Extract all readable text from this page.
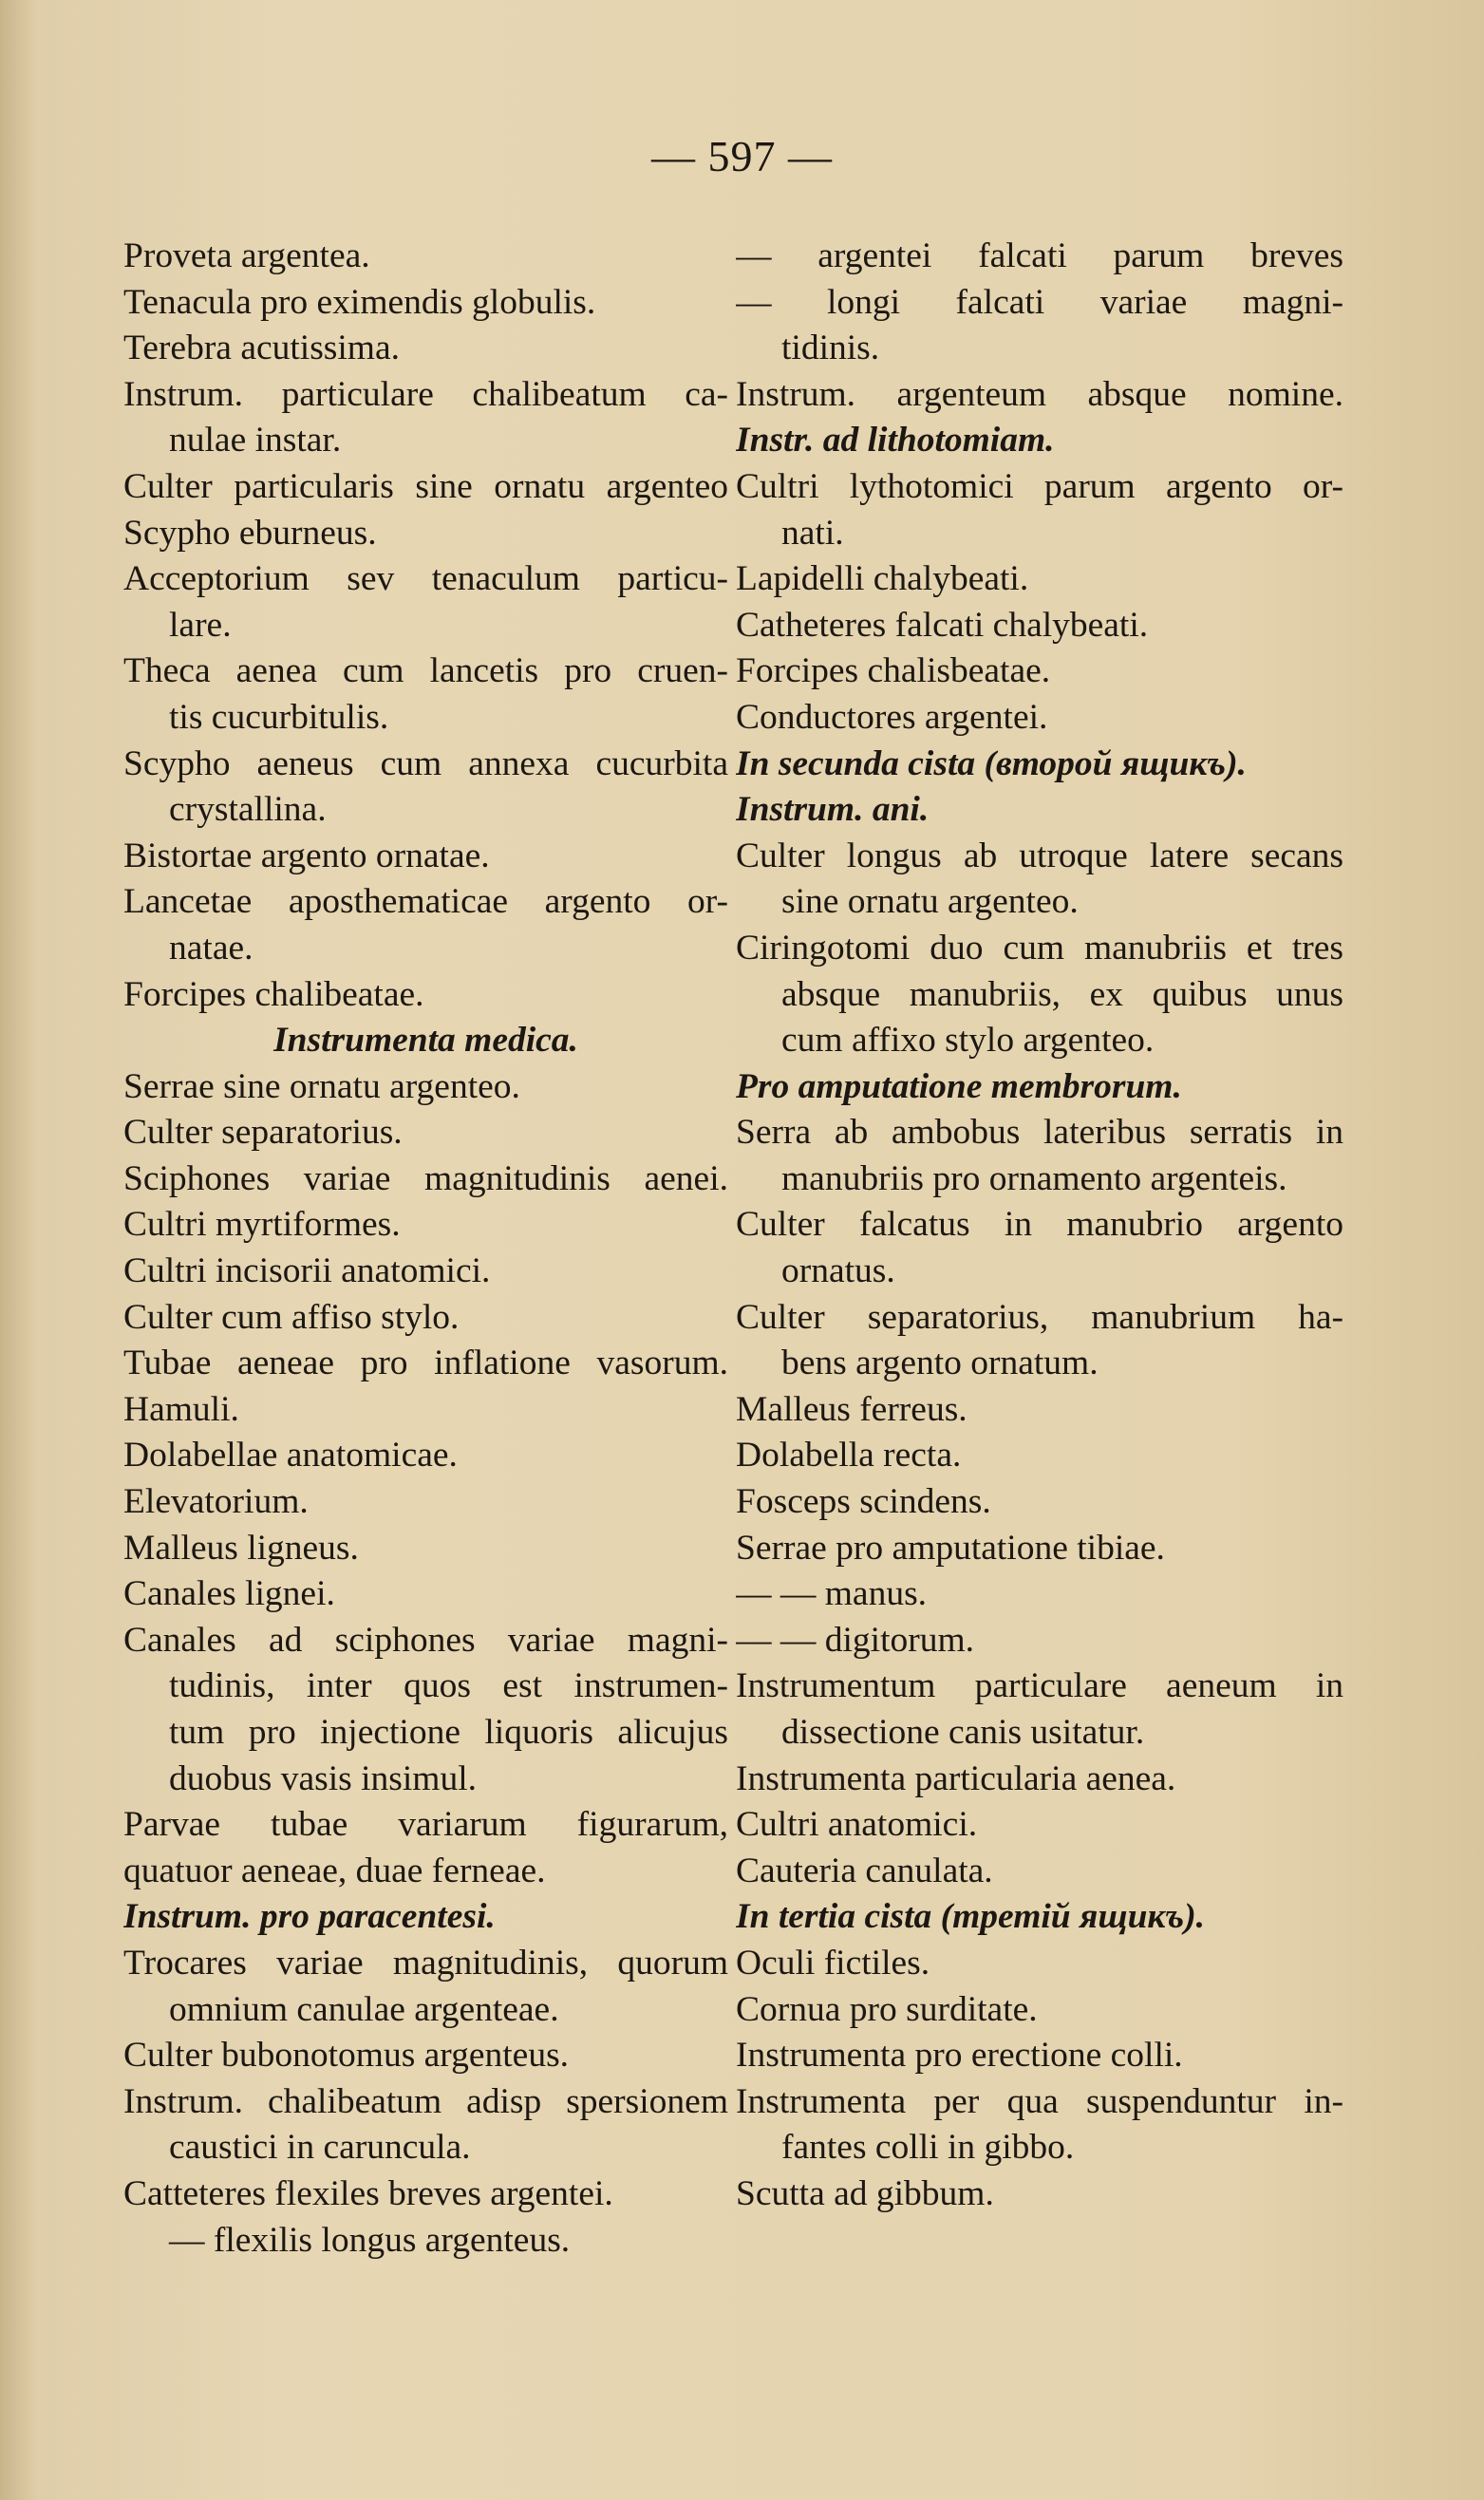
— 597 —
Proveta argentea.
Tenacula pro eximendis globulis.
Terebra acutissima.
Instrum. particulare chalibeatum ca-
nulae instar.
Culter particularis sine ornatu argenteo
Scypho eburneus.
Acceptorium sev tenaculum particu-
lare.
Theca aenea cum lancetis pro cruen-
tis cucurbitulis.
Scypho aeneus cum annexa cucurbita
crystallina.
Bistortae argento ornatae.
Lancetae aposthematicae argento or-
natae.
Forcipes chalibeatae.
Instrumenta medica.
Serrae sine ornatu argenteo.
Culter separatorius.
Sciphones variae magnitudinis aenei.
Cultri myrtiformes.
Cultri incisorii anatomici.
Culter cum affiso stylo.
Tubae aeneae pro inflatione vasorum.
Hamuli.
Dolabellae anatomicae.
Elevatorium.
Malleus ligneus.
Canales lignei.
Canales ad sciphones variae magni-
tudinis, inter quos est instrumen-
tum pro injectione liquoris alicujus
duobus vasis insimul.
Parvae tubae variarum figurarum,
quatuor aeneae, duae ferneae.
Instrum. pro paracentesi.
Trocares variae magnitudinis, quorum
omnium canulae argenteae.
Culter bubonotomus argenteus.
Instrum. chalibeatum adisp spersionem
caustici in caruncula.
Catteteres flexiles breves argentei.
— flexilis longus argenteus.
— argentei falcati parum breves
— longi falcati variae magni-
tidinis.
Instrum. argenteum absque nomine.
Instr. ad lithotomiam.
Cultri lythotomici parum argento or-
nati.
Lapidelli chalybeati.
Catheteres falcati chalybeati.
Forcipes chalisbeatae.
Conductores argentei.
In secunda cista (второй ящикъ).
Instrum. ani.
Culter longus ab utroque latere secans
sine ornatu argenteo.
Ciringotomi duo cum manubriis et tres
absque manubriis, ex quibus unus
cum affixo stylo argenteo.
Pro amputatione membrorum.
Serra ab ambobus lateribus serratis in
manubriis pro ornamento argenteis.
Culter falcatus in manubrio argento
ornatus.
Culter separatorius, manubrium ha-
bens argento ornatum.
Malleus ferreus.
Dolabella recta.
Fosceps scindens.
Serrae pro amputatione tibiae.
— — manus.
— — digitorum.
Instrumentum particulare aeneum in
dissectione canis usitatur.
Instrumenta particularia aenea.
Cultri anatomici.
Cauteria canulata.
In tertia cista (третій ящикъ).
Oculi fictiles.
Cornua pro surditate.
Instrumenta pro erectione colli.
Instrumenta per qua suspenduntur in-
fantes colli in gibbo.
Scutta ad gibbum.
